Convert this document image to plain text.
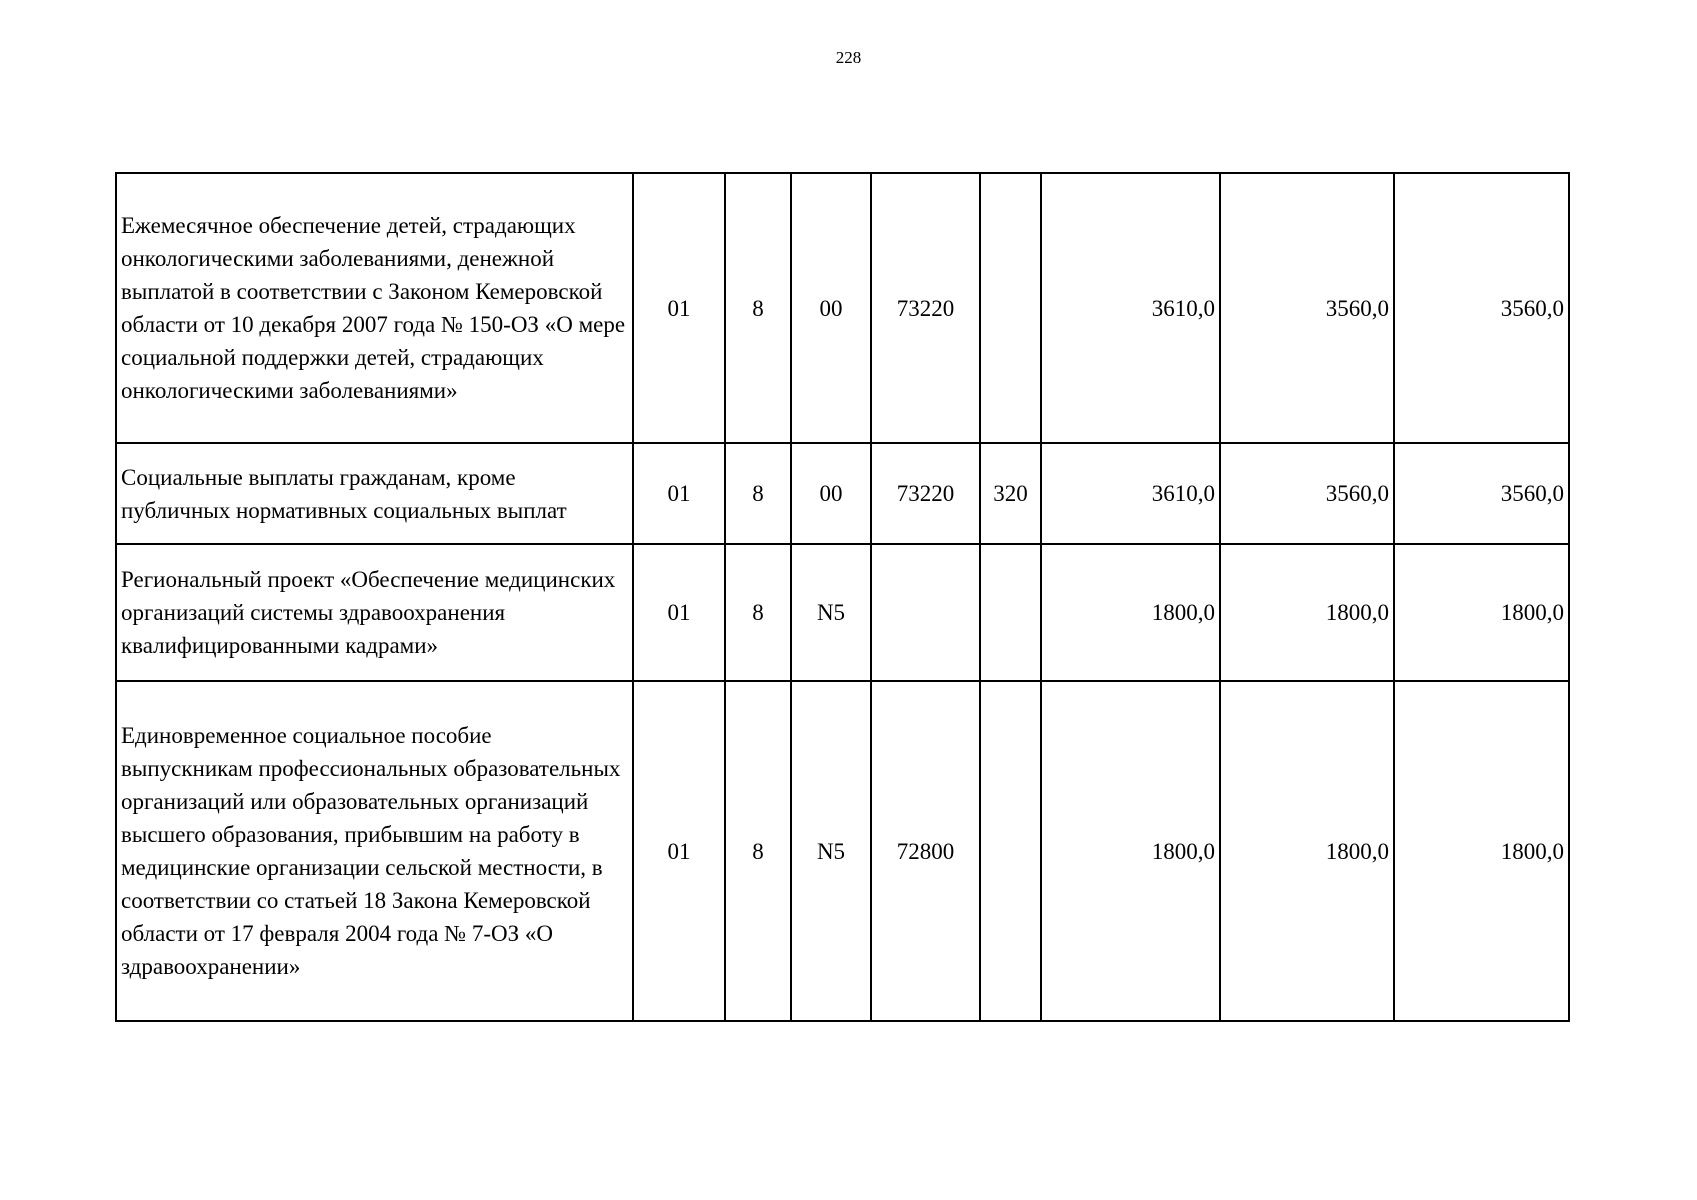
228
Ежемесячное обеспечение детей, страдающих онкологическими заболеваниями, денежной выплатой в соответствии с Законом Кемеровской области от 10 декабря 2007 года № 150-ОЗ «О мере социальной поддержки детей, страдающих онкологическими заболеваниями»	01	8	00	73220		3610,0	3560,0	3560,0
Социальные выплаты гражданам, кроме публичных нормативных социальных выплат	01	8	00	73220	320	3610,0	3560,0	3560,0
Региональный проект «Обеспечение медицинских организаций системы здравоохранения квалифицированными кадрами»	01	8	N5			1800,0	1800,0	1800,0
Единовременное социальное пособие выпускникам профессиональных образовательных организаций или образовательных организаций высшего образования, прибывшим на работу в медицинские организации сельской местности, в соответствии со статьей 18 Закона Кемеровской области от 17 февраля 2004 года № 7-ОЗ «О здравоохранении»	01	8	N5	72800		1800,0	1800,0	1800,0
